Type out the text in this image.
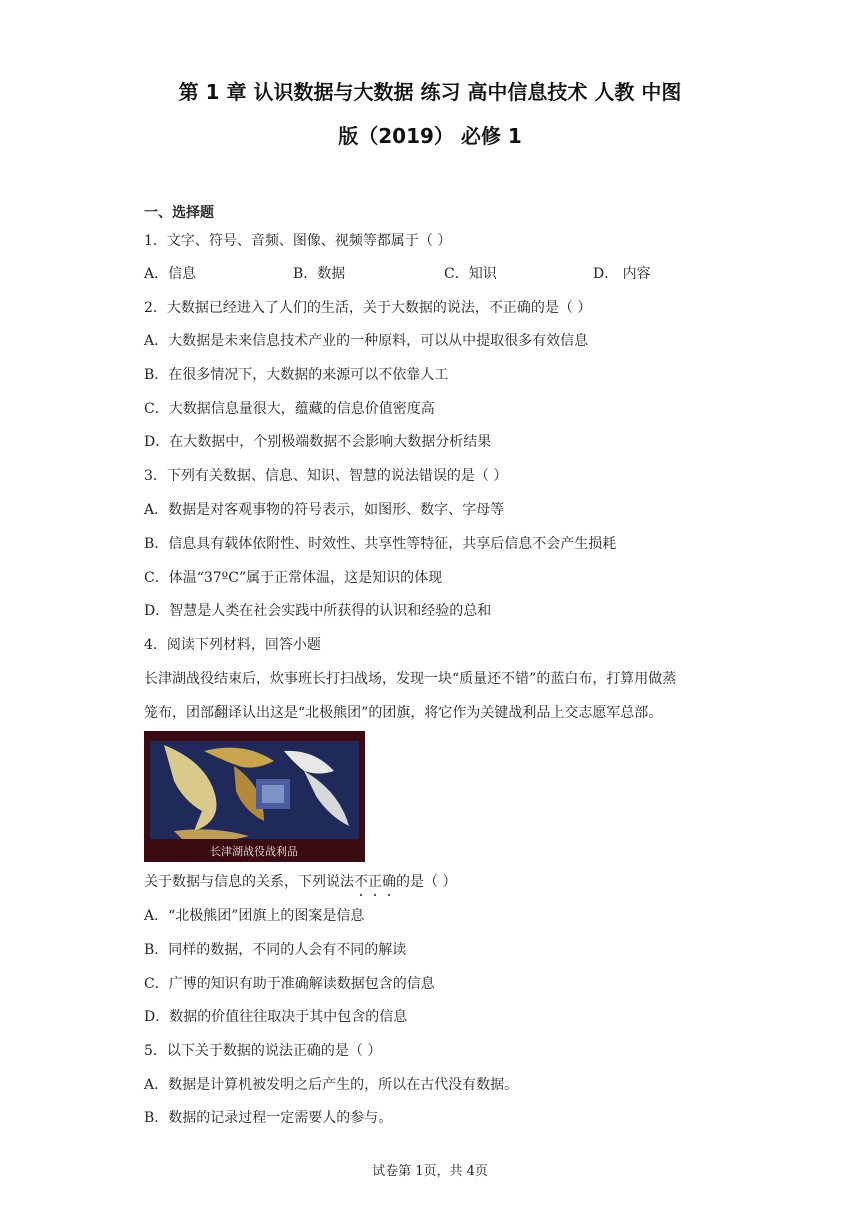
第 1 章 认识数据与大数据 练习 高中信息技术 人教 中图
版（2019） 必修 1
一、选择题
1．文字、符号、音频、图像、视频等都属于（ ）
A．信息	B．数据	C．知识	D． 内容
2．大数据已经进入了人们的生活，关于大数据的说法，不正确的是（ ）
A．大数据是未来信息技术产业的一种原料，可以从中提取很多有效信息
B．在很多情况下，大数据的来源可以不依靠人工
C．大数据信息量很大，蕴藏的信息价值密度高
D．在大数据中，个别极端数据不会影响大数据分析结果
3．下列有关数据、信息、知识、智慧的说法错误的是（ ）
A．数据是对客观事物的符号表示，如图形、数字、字母等
B．信息具有载体依附性、时效性、共享性等特征，共享后信息不会产生损耗
C．体温“37ºC”属于正常体温，这是知识的体现
D．智慧是人类在社会实践中所获得的认识和经验的总和
4．阅读下列材料，回答小题
长津湖战役结束后，炊事班长打扫战场，发现一块“质量还不错”的蓝白布，打算用做蒸
笼布，团部翻译认出这是“北极熊团”的团旗，将它作为关键战利品上交志愿军总部。
长津湖战役战利品
关于数据与信息的关系，下列说法不正确的是（ ）
A．“北极熊团”团旗上的图案是信息
B．同样的数据，不同的人会有不同的解读
C．广博的知识有助于准确解读数据包含的信息
D．数据的价值往往取决于其中包含的信息
5．以下关于数据的说法正确的是（ ）
A．数据是计算机被发明之后产生的，所以在古代没有数据。
B．数据的记录过程一定需要人的参与。
试卷第 1页，共 4页
